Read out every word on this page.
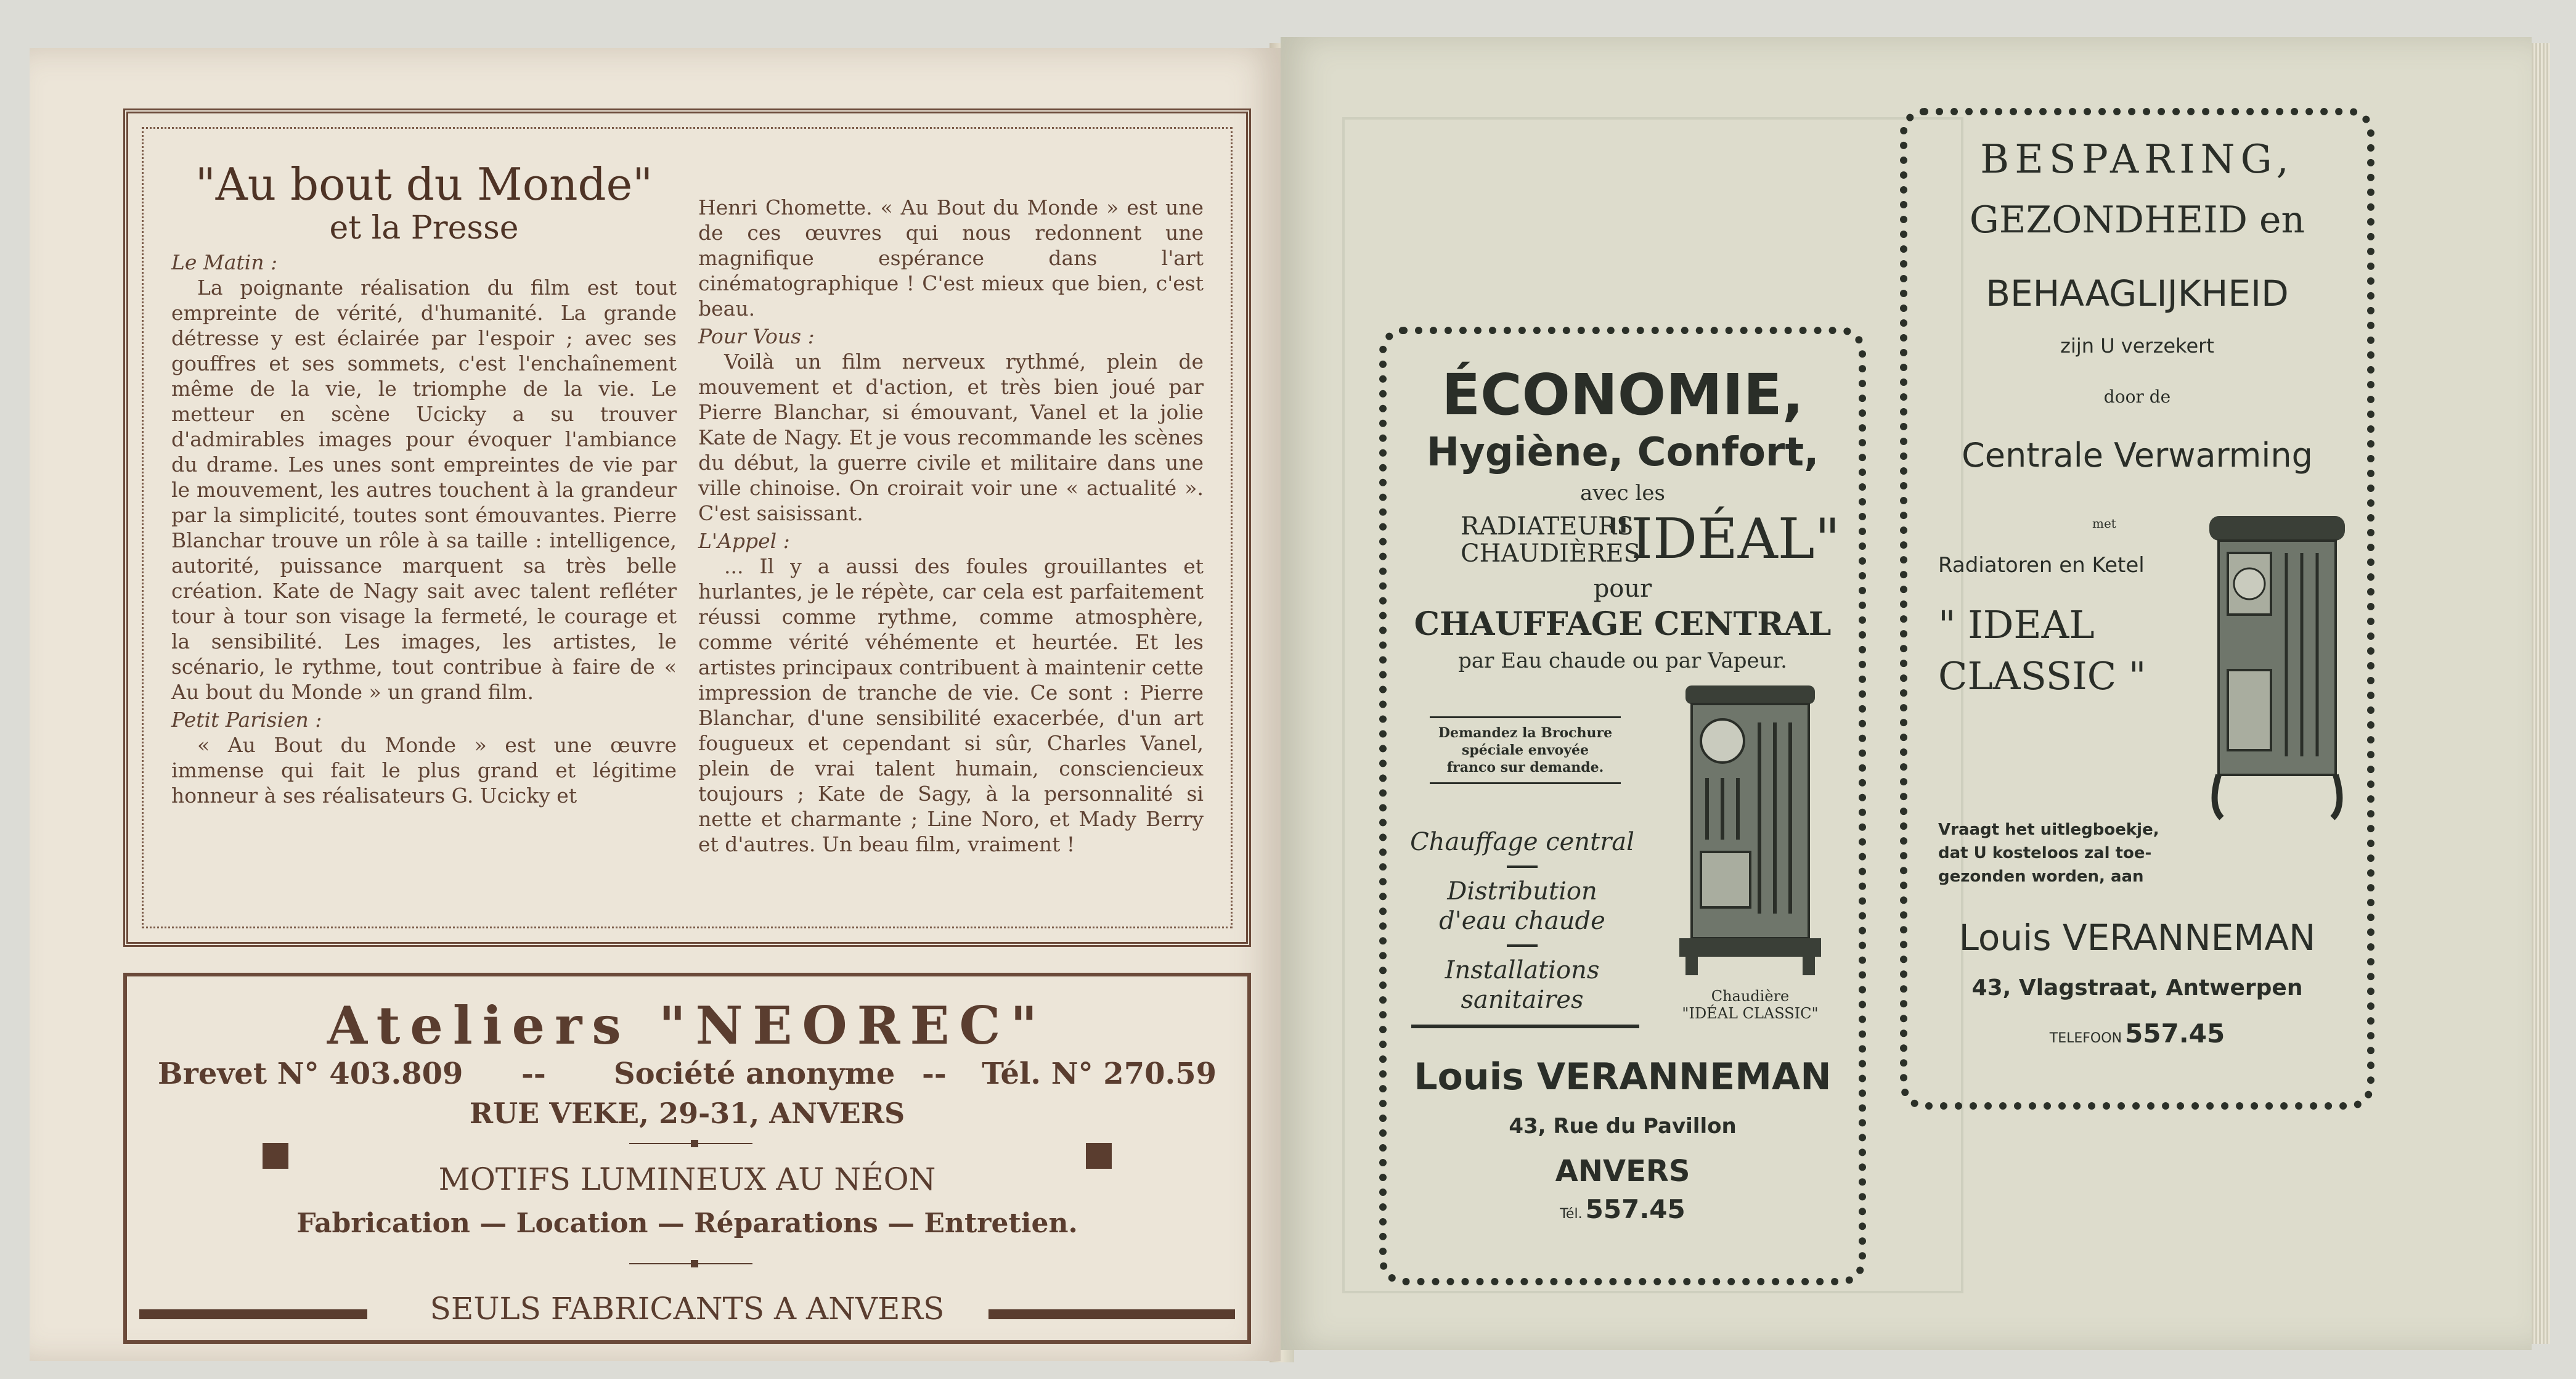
"Au bout du Monde"
et la Presse

Le Matin :

La poignante réalisation du film est tout empreinte de vérité, d'humanité. La grande détresse y est éclairée par l'espoir ; avec ses gouffres et ses sommets, c'est l'enchaînement même de la vie, le triomphe de la vie. Le metteur en scène Ucicky a su trouver d'admirables images pour évoquer l'ambiance du drame. Les unes sont empreintes de vie par le mouvement, les autres touchent à la grandeur par la simplicité, toutes sont émouvantes. Pierre Blanchar trouve un rôle à sa taille : intelligence, autorité, puissance marquent sa très belle création. Kate de Nagy sait avec talent refléter tour à tour son visage la fermeté, le courage et la sensibilité. Les images, les artistes, le scénario, le rythme, tout contribue à faire de « Au bout du Monde » un grand film.

Petit Parisien :

« Au Bout du Monde » est une œuvre immense qui fait le plus grand et légitime honneur à ses réalisateurs G. Ucicky et

Henri Chomette. « Au Bout du Monde » est une de ces œuvres qui nous redonnent une magnifique espérance dans l'art cinématographique ! C'est mieux que bien, c'est beau.

Pour Vous :

Voilà un film nerveux rythmé, plein de mouvement et d'action, et très bien joué par Pierre Blanchar, si émouvant, Vanel et la jolie Kate de Nagy. Et je vous recommande les scènes du début, la guerre civile et militaire dans une ville chinoise. On croirait voir une « actualité ». C'est saisissant.

L'Appel :

... Il y a aussi des foules grouillantes et hurlantes, je le répète, car cela est parfaitement réussi comme rythme, comme atmosphère, comme vérité véhémente et heurtée. Et les artistes principaux contribuent à maintenir cette impression de tranche de vie. Ce sont : Pierre Blanchar, d'une sensibilité exacerbée, d'un art fougueux et cependant si sûr, Charles Vanel, plein de vrai talent humain, consciencieux toujours ; Kate de Sagy, à la personnalité si nette et charmante ; Line Noro, et Mady Berry et d'autres. Un beau film, vraiment !

Ateliers "NEOREC"
Brevet N° 403.809 -- Société anonyme -- Tél. N° 270.59
RUE VEKE, 29-31, ANVERS
MOTIFS LUMINEUX AU NÉON
Fabrication — Location — Réparations — Entretien.
SEULS FABRICANTS A ANVERS
ÉCONOMIE,
Hygiène, Confort,
avec les
RADIATEURS
CHAUDIÈRES
"IDÉAL"
pour
CHAUFFAGE CENTRAL
par Eau chaude ou par Vapeur.
Demandez la Brochure
spéciale envoyée
franco sur demande.
Chauffage central
Distribution
d'eau chaude
Installations
sanitaires	Chaudière
"IDÉAL CLASSIC"
Louis VERANNEMAN
43, Rue du Pavillon
ANVERS
Tél. 557.45
BESPARING,
GEZONDHEID en
BEHAAGLIJKHEID
zijn U verzekert
door de
Centrale Verwarming
met
Radiatoren en Ketel
" IDEAL
CLASSIC "
Vraagt het uitlegboekje,
dat U kosteloos zal toe-
gezonden worden, aan
Louis VERANNEMAN
43, Vlagstraat, Antwerpen
TELEFOON 557.45
